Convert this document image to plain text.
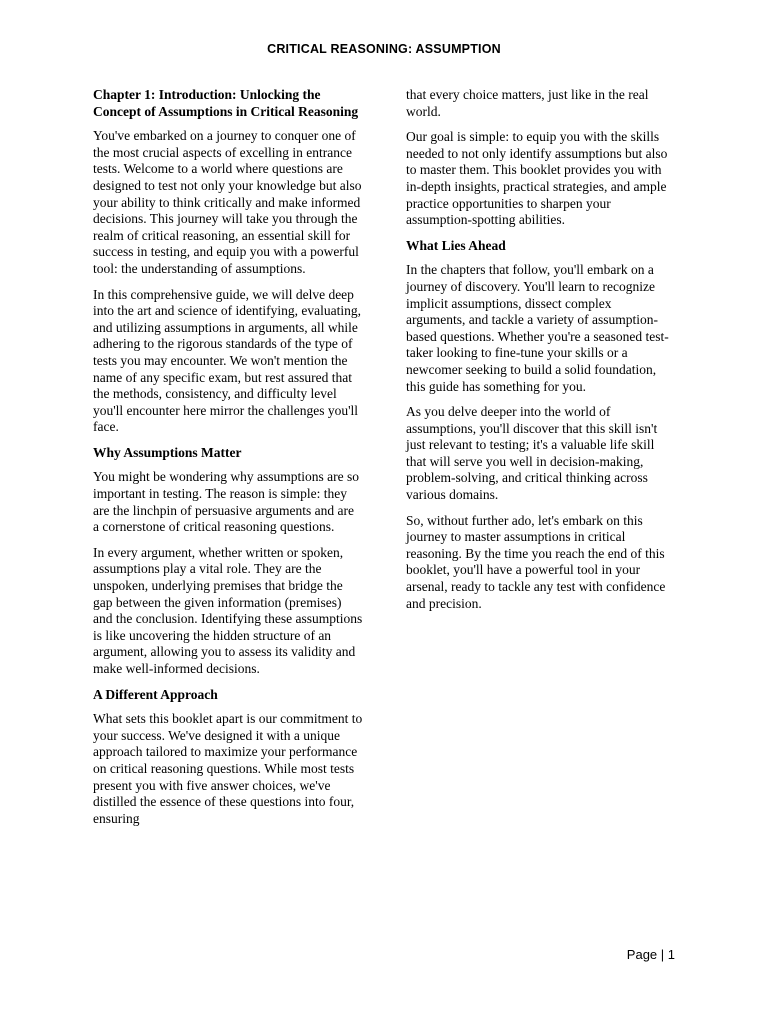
CRITICAL REASONING: ASSUMPTION
Chapter 1: Introduction: Unlocking the Concept of Assumptions in Critical Reasoning

You've embarked on a journey to conquer one of the most crucial aspects of excelling in entrance tests. Welcome to a world where questions are designed to test not only your knowledge but also your ability to think critically and make informed decisions. This journey will take you through the realm of critical reasoning, an essential skill for success in testing, and equip you with a powerful tool: the understanding of assumptions.

In this comprehensive guide, we will delve deep into the art and science of identifying, evaluating, and utilizing assumptions in arguments, all while adhering to the rigorous standards of the type of tests you may encounter. We won't mention the name of any specific exam, but rest assured that the methods, consistency, and difficulty level you'll encounter here mirror the challenges you'll face.

Why Assumptions Matter

You might be wondering why assumptions are so important in testing. The reason is simple: they are the linchpin of persuasive arguments and are a cornerstone of critical reasoning questions.

In every argument, whether written or spoken, assumptions play a vital role. They are the unspoken, underlying premises that bridge the gap between the given information (premises) and the conclusion. Identifying these assumptions is like uncovering the hidden structure of an argument, allowing you to assess its validity and make well-informed decisions.

A Different Approach

What sets this booklet apart is our commitment to your success. We've designed it with a unique approach tailored to maximize your performance on critical reasoning questions. While most tests present you with five answer choices, we've distilled the essence of these questions into four, ensuring

that every choice matters, just like in the real world.

Our goal is simple: to equip you with the skills needed to not only identify assumptions but also to master them. This booklet provides you with in-depth insights, practical strategies, and ample practice opportunities to sharpen your assumption-spotting abilities.

What Lies Ahead

In the chapters that follow, you'll embark on a journey of discovery. You'll learn to recognize implicit assumptions, dissect complex arguments, and tackle a variety of assumption-based questions. Whether you're a seasoned test-taker looking to fine-tune your skills or a newcomer seeking to build a solid foundation, this guide has something for you.

As you delve deeper into the world of assumptions, you'll discover that this skill isn't just relevant to testing; it's a valuable life skill that will serve you well in decision-making, problem-solving, and critical thinking across various domains.

So, without further ado, let's embark on this journey to master assumptions in critical reasoning. By the time you reach the end of this booklet, you'll have a powerful tool in your arsenal, ready to tackle any test with confidence and precision.

Page | 1
